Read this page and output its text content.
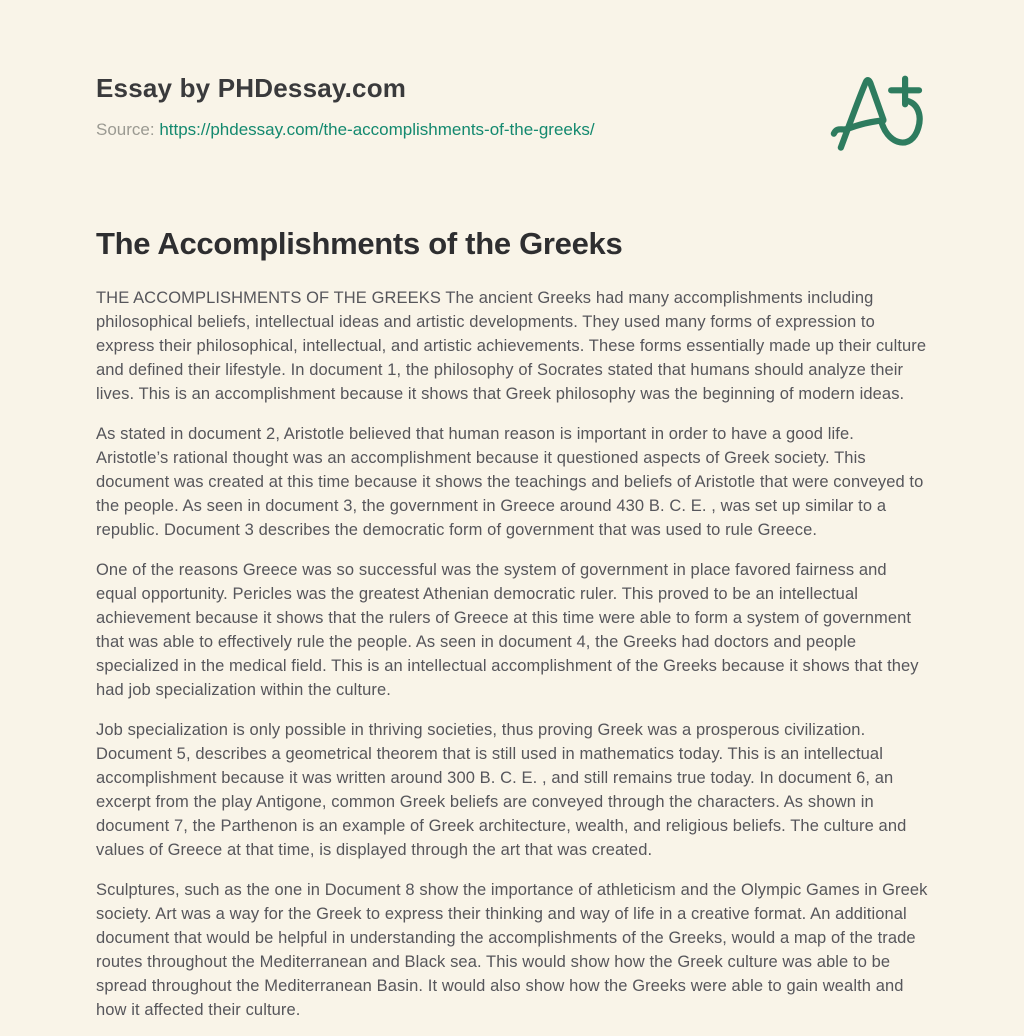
Essay by PHDessay.com
Source: https://phdessay.com/the-accomplishments-of-the-greeks/
The Accomplishments of the Greeks

THE ACCOMPLISHMENTS OF THE GREEKS The ancient Greeks had many accomplishments including philosophical beliefs, intellectual ideas and artistic developments. They used many forms of expression to express their philosophical, intellectual, and artistic achievements. These forms essentially made up their culture and defined their lifestyle. In document 1, the philosophy of Socrates stated that humans should analyze their lives. This is an accomplishment because it shows that Greek philosophy was the beginning of modern ideas.

As stated in document 2, Aristotle believed that human reason is important in order to have a good life. Aristotle’s rational thought was an accomplishment because it questioned aspects of Greek society. This document was created at this time because it shows the teachings and beliefs of Aristotle that were conveyed to the people. As seen in document 3, the government in Greece around 430 B. C. E. , was set up similar to a republic. Document 3 describes the democratic form of government that was used to rule Greece.

One of the reasons Greece was so successful was the system of government in place favored fairness and equal opportunity. Pericles was the greatest Athenian democratic ruler. This proved to be an intellectual achievement because it shows that the rulers of Greece at this time were able to form a system of government that was able to effectively rule the people. As seen in document 4, the Greeks had doctors and people specialized in the medical field. This is an intellectual accomplishment of the Greeks because it shows that they had job specialization within the culture.

Job specialization is only possible in thriving societies, thus proving Greek was a prosperous civilization. Document 5, describes a geometrical theorem that is still used in mathematics today. This is an intellectual accomplishment because it was written around 300 B. C. E. , and still remains true today. In document 6, an excerpt from the play Antigone, common Greek beliefs are conveyed through the characters. As shown in document 7, the Parthenon is an example of Greek architecture, wealth, and religious beliefs. The culture and values of Greece at that time, is displayed through the art that was created.

Sculptures, such as the one in Document 8 show the importance of athleticism and the Olympic Games in Greek society. Art was a way for the Greek to express their thinking and way of life in a creative format. An additional document that would be helpful in understanding the accomplishments of the Greeks, would a map of the trade routes throughout the Mediterranean and Black sea. This would show how the Greek culture was able to be spread throughout the Mediterranean Basin. It would also show how the Greeks were able to gain wealth and how it affected their culture.
